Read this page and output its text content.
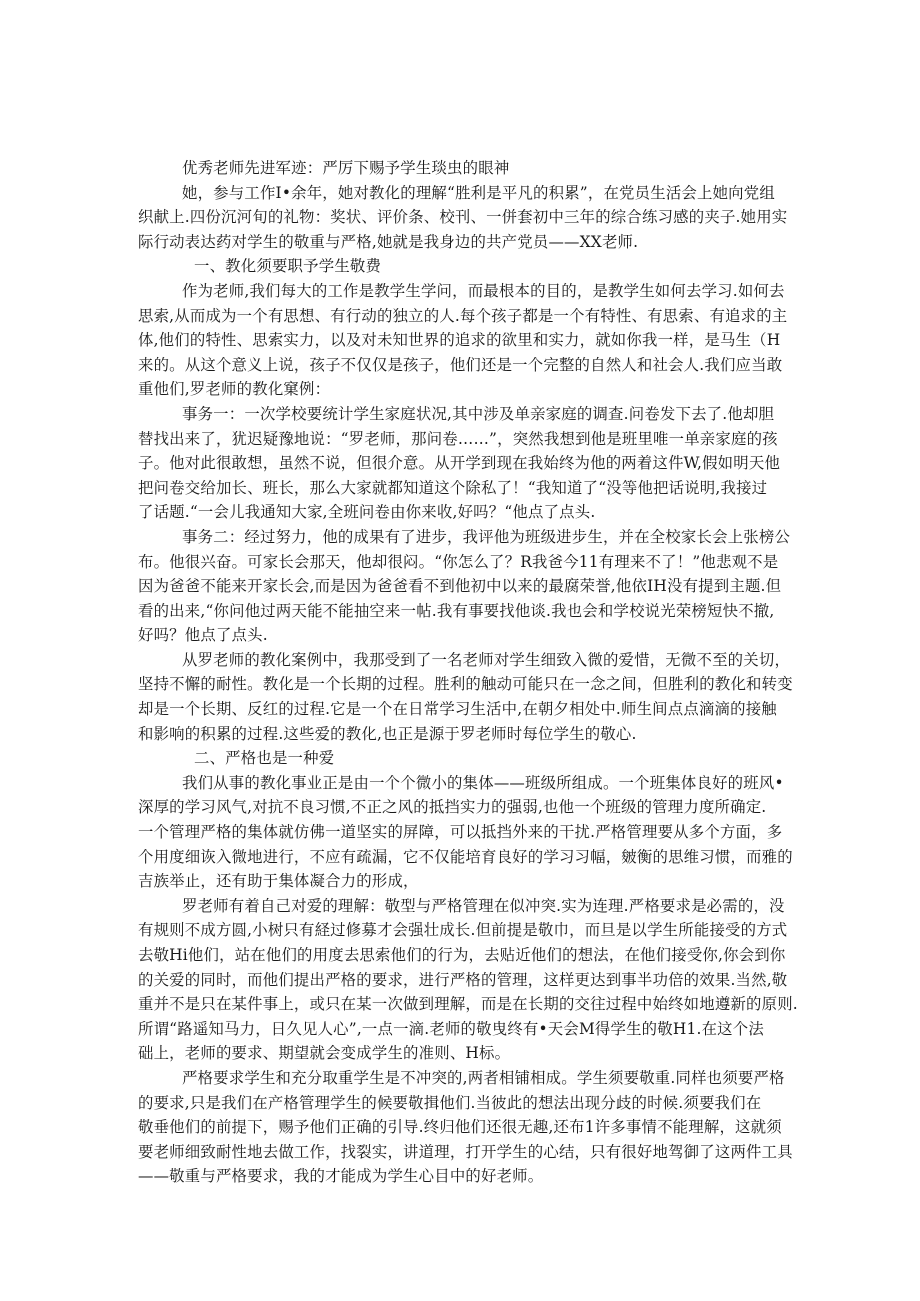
优秀老师先进军迹：严厉下赐予学生琰虫的眼神

她，参与工作I•余年，她对教化的理解“胜利是平凡的积累”，在党员生活会上她向党组

织献上.四份沉河旬的礼物：奖状、评价条、校刊、一併套初中三年的综合练习感的夹子.她用实

际行动表达药对学生的敬重与严格,她就是我身边的共产党员——XX老师.

一、教化须要职予学生敬费

作为老师,我们每大的工作是教学生学问，而最根本的目的，是教学生如何去学习.如何去

思索,从而成为一个有思想、有行动的独立的人.每个孩子都是一个有特性、有思索、有追求的主

体,他们的特性、思索实力，以及对未知世界的追求的欲里和实力，就如你我一样，是马生（H

来的。从这个意义上说，孩子不仅仅是孩子，他们还是一个完整的自然人和社会人.我们应当敢

重他们,罗老师的教化窠例：

事务一：一次学校要统计学生家庭状况,其中涉及单亲家庭的调查.问卷发下去了.他却胆

替找出来了，犹迟疑豫地说：“罗老师，那问卷……”，突然我想到他是班里唯一单亲家庭的孩

子。他对此很敢想，虽然不说，但很介意。从开学到现在我始终为他的两着这件W,假如明天他

把问卷交给加长、班长，那么大家就都知道这个除私了！“我知道了“没等他把话说明,我接过

了话题.“一会儿我通知大家,全班问卷由你来收,好吗？“他点了点头.

事务二：经过努力，他的成果有了进步，我评他为班级进步生，并在全校家长会上张榜公

布。他很兴奋。可家长会那天，他却很闷。“你怎么了？R我爸今11有理来不了！”他悲观不是

因为爸爸不能来开家长会,而是因为爸爸看不到他初中以来的最腐荣誉,他依IH没有提到主题.但

看的出来,“你问他过两天能不能抽空来一帖.我有事要找他谈.我也会和学校说光荣榜短快不撤,

好吗？他点了点头.

从罗老师的教化案例中，我那受到了一名老师对学生细致入微的爱惜，无微不至的关切，

坚持不懈的耐性。教化是一个长期的过程。胜利的触动可能只在一念之间，但胜利的教化和转变

却是一个长期、反红的过程.它是一个在日常学习生活中,在朝夕相处中.师生间点点滴滴的接触

和影响的积累的过程.这些爱的教化,也正是源于罗老师时每位学生的敬心.

二、严格也是一种爱

我们从事的教化事业正是由一个个微小的集体——班级所组成。一个班集体良好的班风•

深厚的学习风气,对抗不良习惯,不正之风的抵挡实力的强弱,也他一个班级的管理力度所确定.

一个管理严格的集体就仿佛一道坚实的屏障，可以抵挡外来的干扰.严格管理要从多个方面，多

个用度细诙入微地进行，不应有疏漏，它不仅能培育良好的学习习幅，皴衡的思维习惯，而雅的

吉族举止，还有助于集体凝合力的形成，

罗老师有着自己对爱的理解：敬型与严格管理在似冲突.实为连理.严格要求是必需的，没

有规则不成方圆,小树只有経过修募才会强壮成长.但前提是敬巾，而旦是以学生所能接受的方式

去敬Hi他们，站在他们的用度去思索他们的行为，去贴近他们的想法，在他们接受你,你会到你

的关爱的同时，而他们提出严格的要求，进行严格的管理，这样更达到事半功倍的效果.当然,敬

重并不是只在某件事上，或只在某一次做到理解，而是在长期的交往过程中始终如地遵新的原则.

所谓“路遥知马力，日久见人心”,一点一滴.老师的敬曳终有•天会M得学生的敬H1.在这个法

础上，老师的要求、期望就会变成学生的准则、H标。

严格要求学生和充分取重学生是不冲突的,两者相铺相成。学生须要敬重.同样也须要严格

的要求,只是我们在产格管理学生的候要敬揖他们.当彼此的想法出现分歧的时候.须要我们在

敬垂他们的前提下，赐予他们正确的引导.终归他们还很无趣,还布1许多事情不能理解，这就须

要老师细致耐性地去做工作，找裂实，讲道理，打开学生的心结，只有很好地驾御了这两件工具

——敬重与严格要求，我的才能成为学生心目中的好老师。
